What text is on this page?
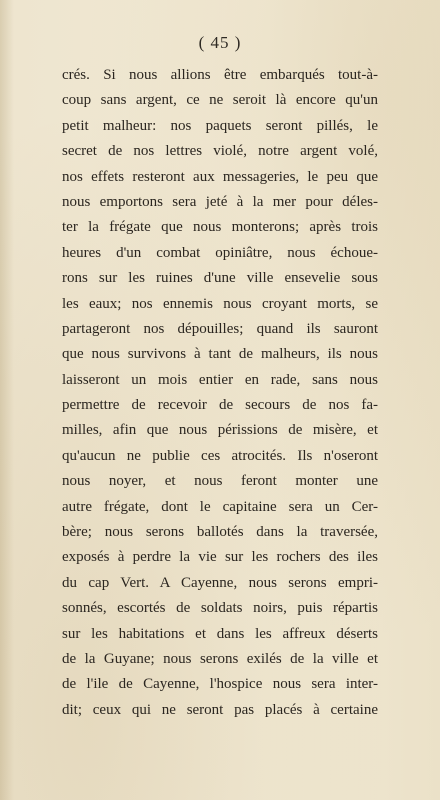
( 45 )
crés. Si nous allions être embarqués tout-à-
coup sans argent, ce ne seroit là encore qu'un
petit malheur: nos paquets seront pillés, le
secret de nos lettres violé, notre argent volé,
nos effets resteront aux messageries, le peu que
nous emportons sera jeté à la mer pour déles-
ter la frégate que nous monterons; après trois
heures d'un combat opiniâtre, nous échoue-
rons sur les ruines d'une ville ensevelie sous
les eaux; nos ennemis nous croyant morts, se
partageront nos dépouilles; quand ils sauront
que nous survivons à tant de malheurs, ils nous
laisseront un mois entier en rade, sans nous
permettre de recevoir de secours de nos fa-
milles, afin que nous périssions de misère, et
qu'aucun ne publie ces atrocités. Ils n'oseront
nous noyer, et nous feront monter une
autre frégate, dont le capitaine sera un Cer-
bère; nous serons ballotés dans la traversée,
exposés à perdre la vie sur les rochers des iles
du cap Vert. A Cayenne, nous serons empri-
sonnés, escortés de soldats noirs, puis répartis
sur les habitations et dans les affreux déserts
de la Guyane; nous serons exilés de la ville et
de l'ile de Cayenne, l'hospice nous sera inter-
dit; ceux qui ne seront pas placés à certaine
